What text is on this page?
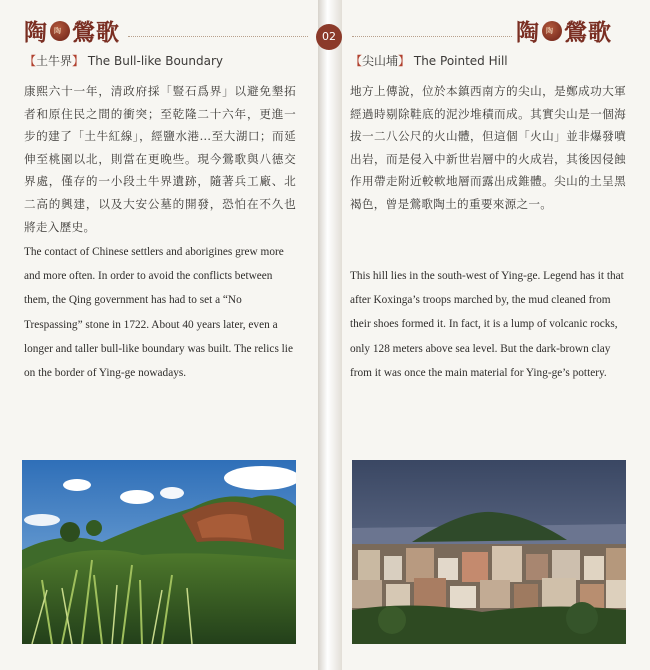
陶 陶 鶯歌
【土牛界】 The Bull-like Boundary
康熙六十一年，清政府採「豎石爲界」以避免墾拓者和原住民之間的衝突；至乾隆二十六年，更進一步的建了「土牛紅線」，經鹽水港…至大湖口；而延伸至桃園以北，則當在更晚些。現今鶯歌與八德交界處，僅存的一小段土牛界遺跡，隨著兵工廠、北二高的興建，以及大安公墓的開發，恐怕在不久也將走入歷史。
The contact of Chinese settlers and aborigines grew more and more often. In order to avoid the conflicts between them, the Qing government has had to set a “No Trespassing” stone in 1722. About 40 years later, even a longer and taller bull-like boundary was built. The relics lie on the border of Ying-ge nowadays.
02	陶 陶 鶯歌
【尖山埔】 The Pointed Hill
地方上傳說，位於本鎮西南方的尖山，是鄭成功大軍經過時剔除鞋底的泥沙堆積而成。其實尖山是一個海拔一二八公尺的火山體，但這個「火山」並非爆發噴出岩，而是侵入中新世岩層中的火成岩，其後因侵蝕作用帶走附近較軟地層而露出成錐體。尖山的土呈黑褐色，曾是鶯歌陶土的重要來源之一。
This hill lies in the south-west of Ying-ge. Legend has it that after Koxinga’s troops marched by, the mud cleaned from their shoes formed it. In fact, it is a lump of volcanic rocks, only 128 meters above sea level. But the dark-brown clay from it was once the main material for Ying-ge’s pottery.
